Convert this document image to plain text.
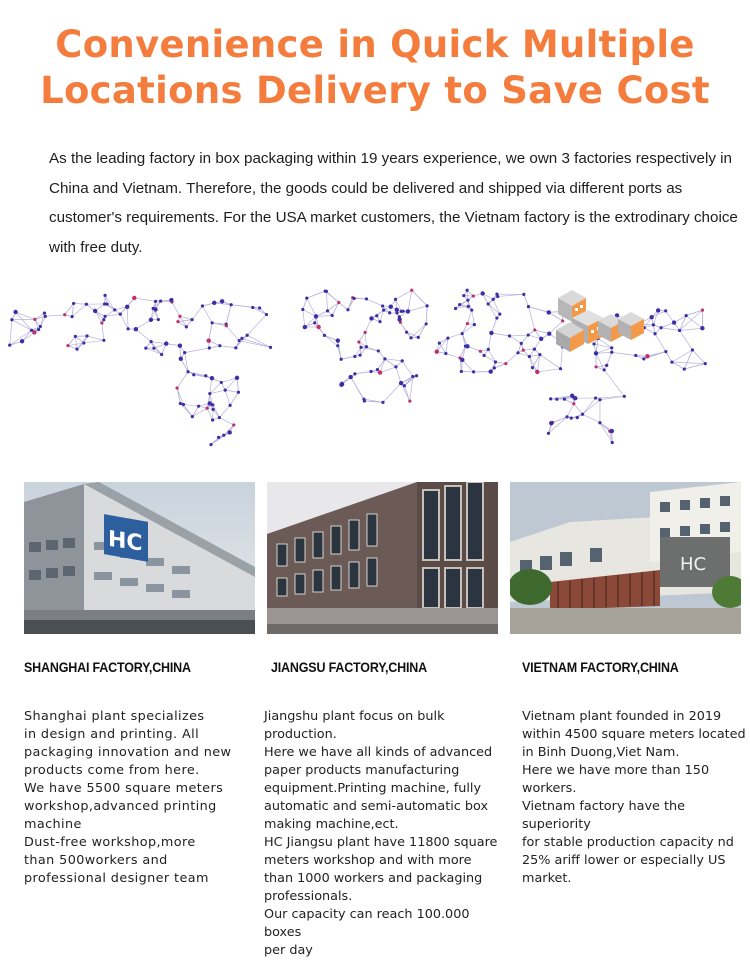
Convenience in Quick Multiple
Locations Delivery to Save Cost

As the leading factory in box packaging within 19 years experience, we own 3 factories respectively in China and Vietnam. Therefore, the goods could be delivered and shipped via different ports as customer's requirements. For the USA market customers, the Vietnam factory is the extrodinary choice with free duty.

HC
HC
SHANGHAI FACTORY,CHINA	JIANGSU FACTORY,CHINA	VIETNAM FACTORY,CHINA

Shanghai plant specializes

in design and printing. All

packaging innovation and new

products come from here.

We have 5500 square meters

workshop,advanced printing

machine

Dust-free workshop,more

than 500workers and

professional designer team

Jiangshu plant focus on bulk

production.

Here we have all kinds of advanced

paper products manufacturing

equipment.Printing machine, fully

automatic and semi-automatic box

making machine,ect.

HC Jiangsu plant have 11800 square

meters workshop and with more

than 1000 workers and packaging

professionals.

Our capacity can reach 100.000 boxes

per day

Vietnam plant founded in 2019

within 4500 square meters located

in Binh Duong,Viet Nam.

Here we have more than 150

workers.

Vietnam factory have the superiority

for stable production capacity nd

25% ariff lower or especially US

market.
